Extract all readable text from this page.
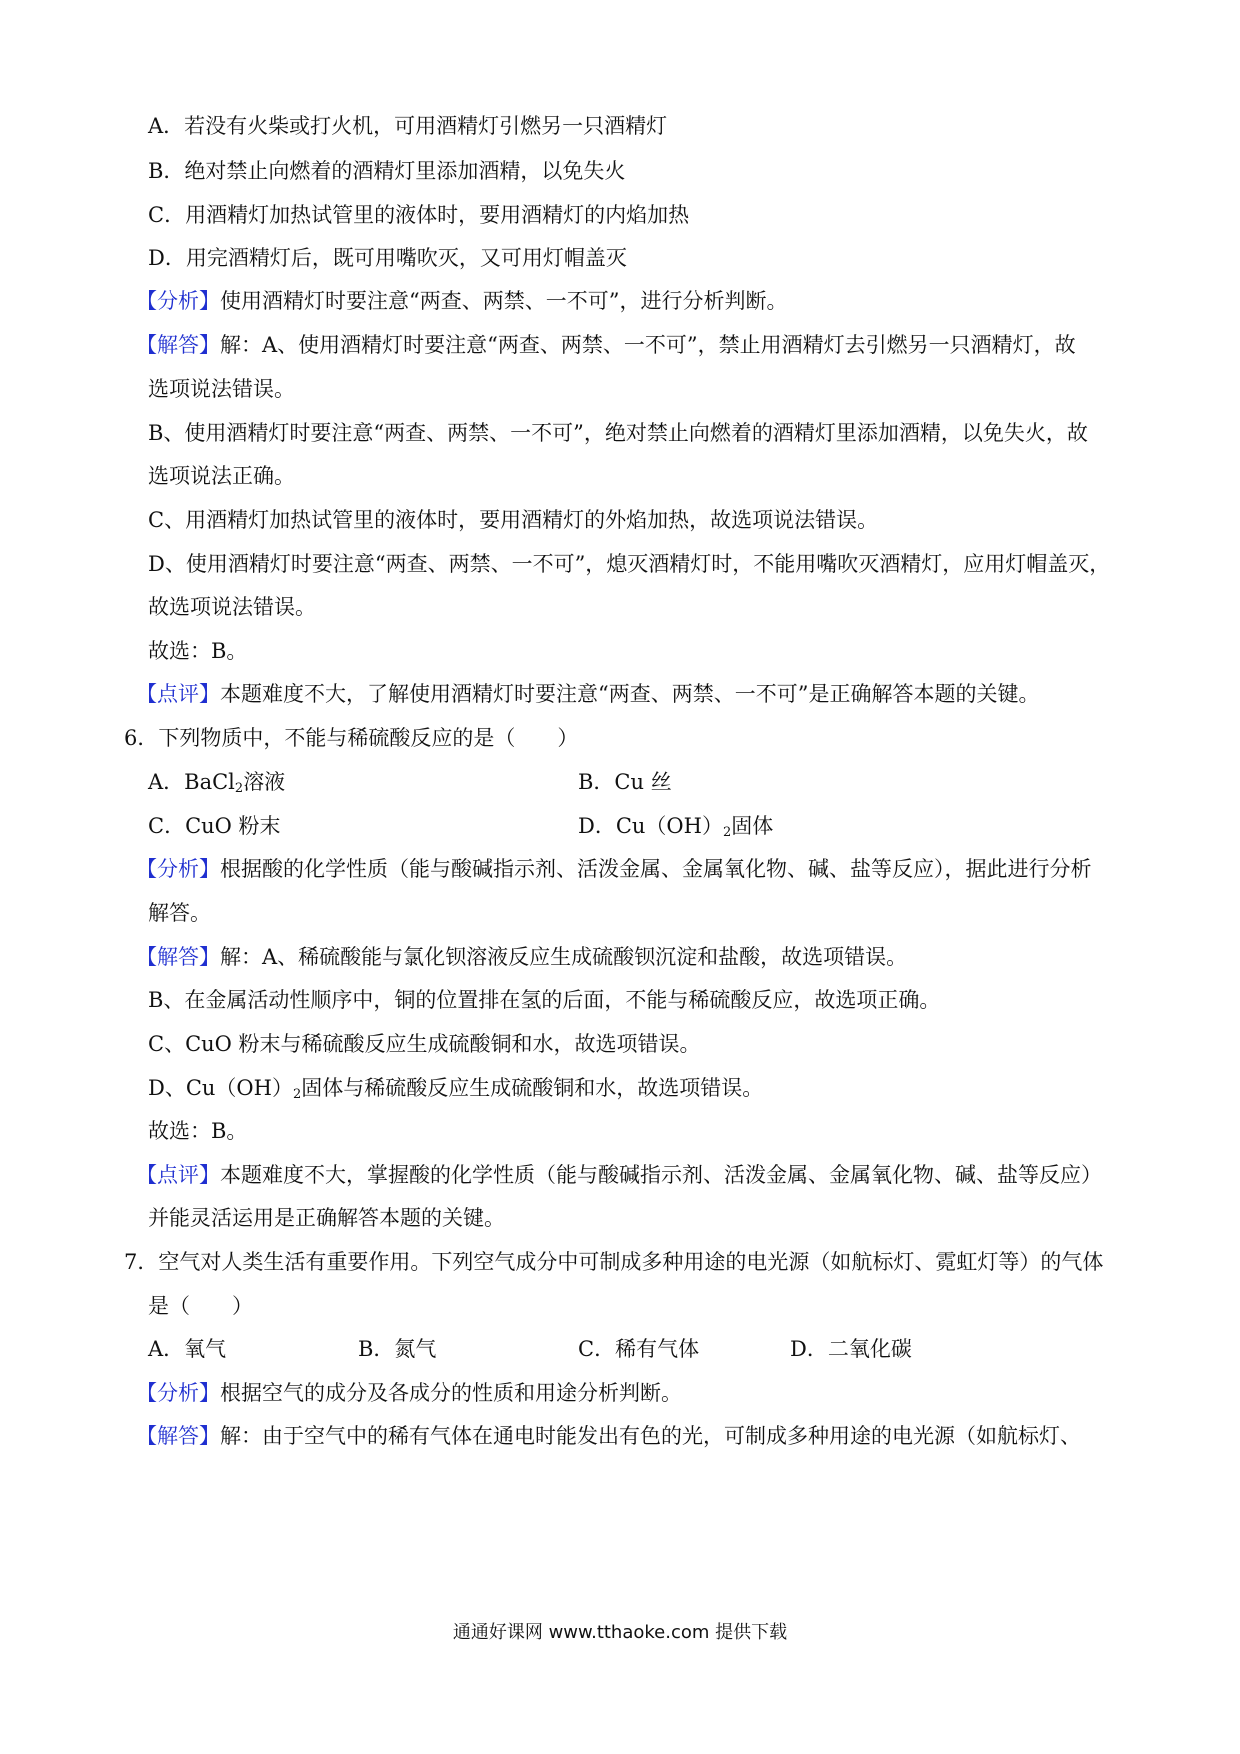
A．若没有火柴或打火机，可用酒精灯引燃另一只酒精灯
B．绝对禁止向燃着的酒精灯里添加酒精，以免失火
C．用酒精灯加热试管里的液体时，要用酒精灯的内焰加热
D．用完酒精灯后，既可用嘴吹灭，又可用灯帽盖灭
【分析】使用酒精灯时要注意“两查、两禁、一不可”，进行分析判断。
【解答】解：A、使用酒精灯时要注意“两查、两禁、一不可”，禁止用酒精灯去引燃另一只酒精灯，故
选项说法错误。
B、使用酒精灯时要注意“两查、两禁、一不可”，绝对禁止向燃着的酒精灯里添加酒精，以免失火，故
选项说法正确。
C、用酒精灯加热试管里的液体时，要用酒精灯的外焰加热，故选项说法错误。
D、使用酒精灯时要注意“两查、两禁、一不可”，熄灭酒精灯时，不能用嘴吹灭酒精灯，应用灯帽盖灭，
故选项说法错误。
故选：B。
【点评】本题难度不大，了解使用酒精灯时要注意“两查、两禁、一不可”是正确解答本题的关键。
6．下列物质中，不能与稀硫酸反应的是（　　）
A．BaCl$_2$溶液	B．Cu 丝
C．CuO 粉末	D．$Cu(OH)_2$固体
【分析】根据酸的化学性质（能与酸碱指示剂、活泼金属、金属氧化物、碱、盐等反应），据此进行分析
解答。
【解答】解：A、稀硫酸能与氯化钡溶液反应生成硫酸钡沉淀和盐酸，故选项错误。
B、在金属活动性顺序中，铜的位置排在氢的后面，不能与稀硫酸反应，故选项正确。
C、CuO 粉末与稀硫酸反应生成硫酸铜和水，故选项错误。
D、$Cu(OH)_2$固体与稀硫酸反应生成硫酸铜和水，故选项错误。
故选：B。
【点评】本题难度不大，掌握酸的化学性质（能与酸碱指示剂、活泼金属、金属氧化物、碱、盐等反应）
并能灵活运用是正确解答本题的关键。
7．空气对人类生活有重要作用。下列空气成分中可制成多种用途的电光源（如航标灯、霓虹灯等）的气体
是（　　）
A．氧气	B．氮气	C．稀有气体	D．二氧化碳
【分析】根据空气的成分及各成分的性质和用途分析判断。
【解答】解：由于空气中的稀有气体在通电时能发出有色的光，可制成多种用途的电光源（如航标灯、
通通好课网 www.tthaoke.com 提供下载
